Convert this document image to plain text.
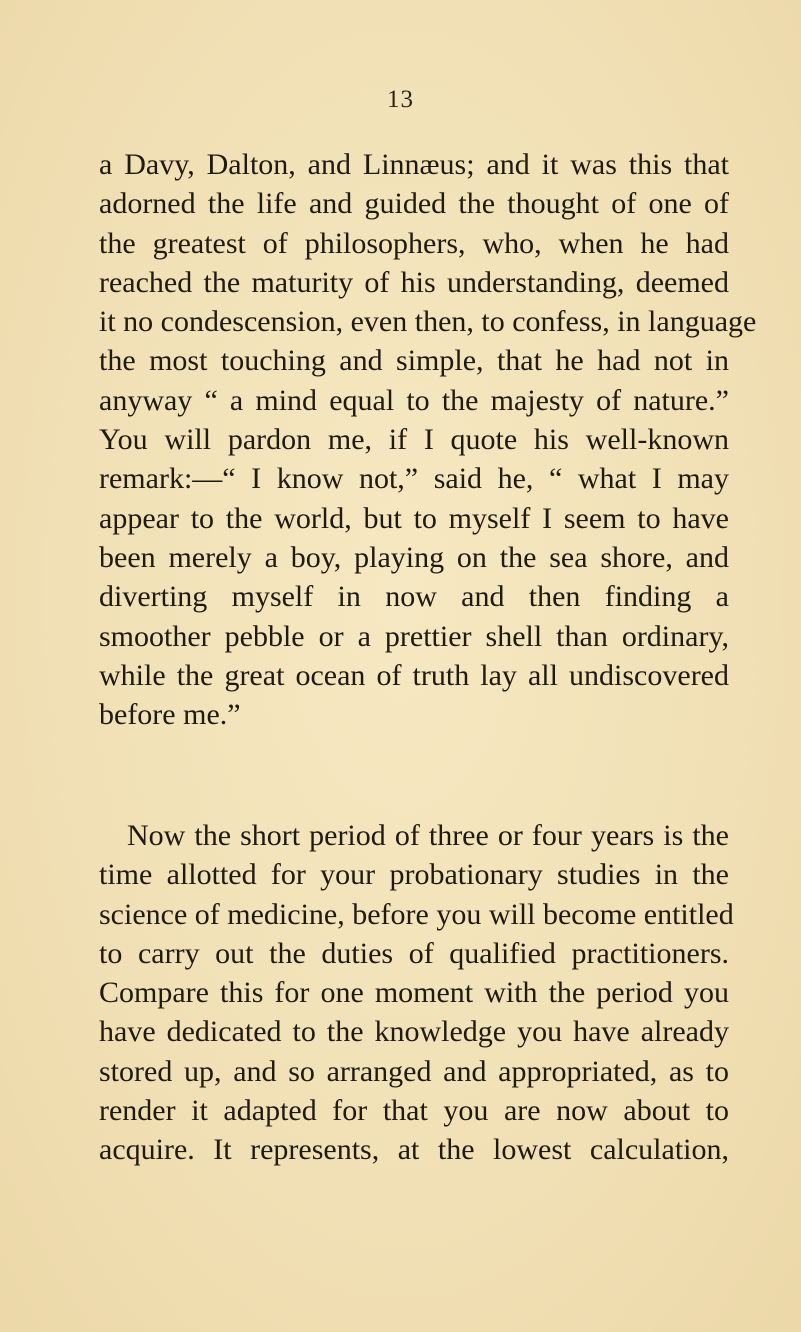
13
a Davy, Dalton, and Linnæus; and it was this that
adorned the life and guided the thought of one of
the greatest of philosophers, who, when he had
reached the maturity of his understanding, deemed
it no condescension, even then, to confess, in language
the most touching and simple, that he had not in
anyway “ a mind equal to the majesty of nature.”
You will pardon me, if I quote his well-known
remark:—“ I know not,” said he, “ what I may
appear to the world, but to myself I seem to have
been merely a boy, playing on the sea shore, and
diverting myself in now and then finding a
smoother pebble or a prettier shell than ordinary,
while the great ocean of truth lay all undiscovered
before me.”
Now the short period of three or four years is the
time allotted for your probationary studies in the
science of medicine, before you will become entitled
to carry out the duties of qualified practitioners.
Compare this for one moment with the period you
have dedicated to the knowledge you have already
stored up, and so arranged and appropriated, as to
render it adapted for that you are now about to
acquire. It represents, at the lowest calculation,
